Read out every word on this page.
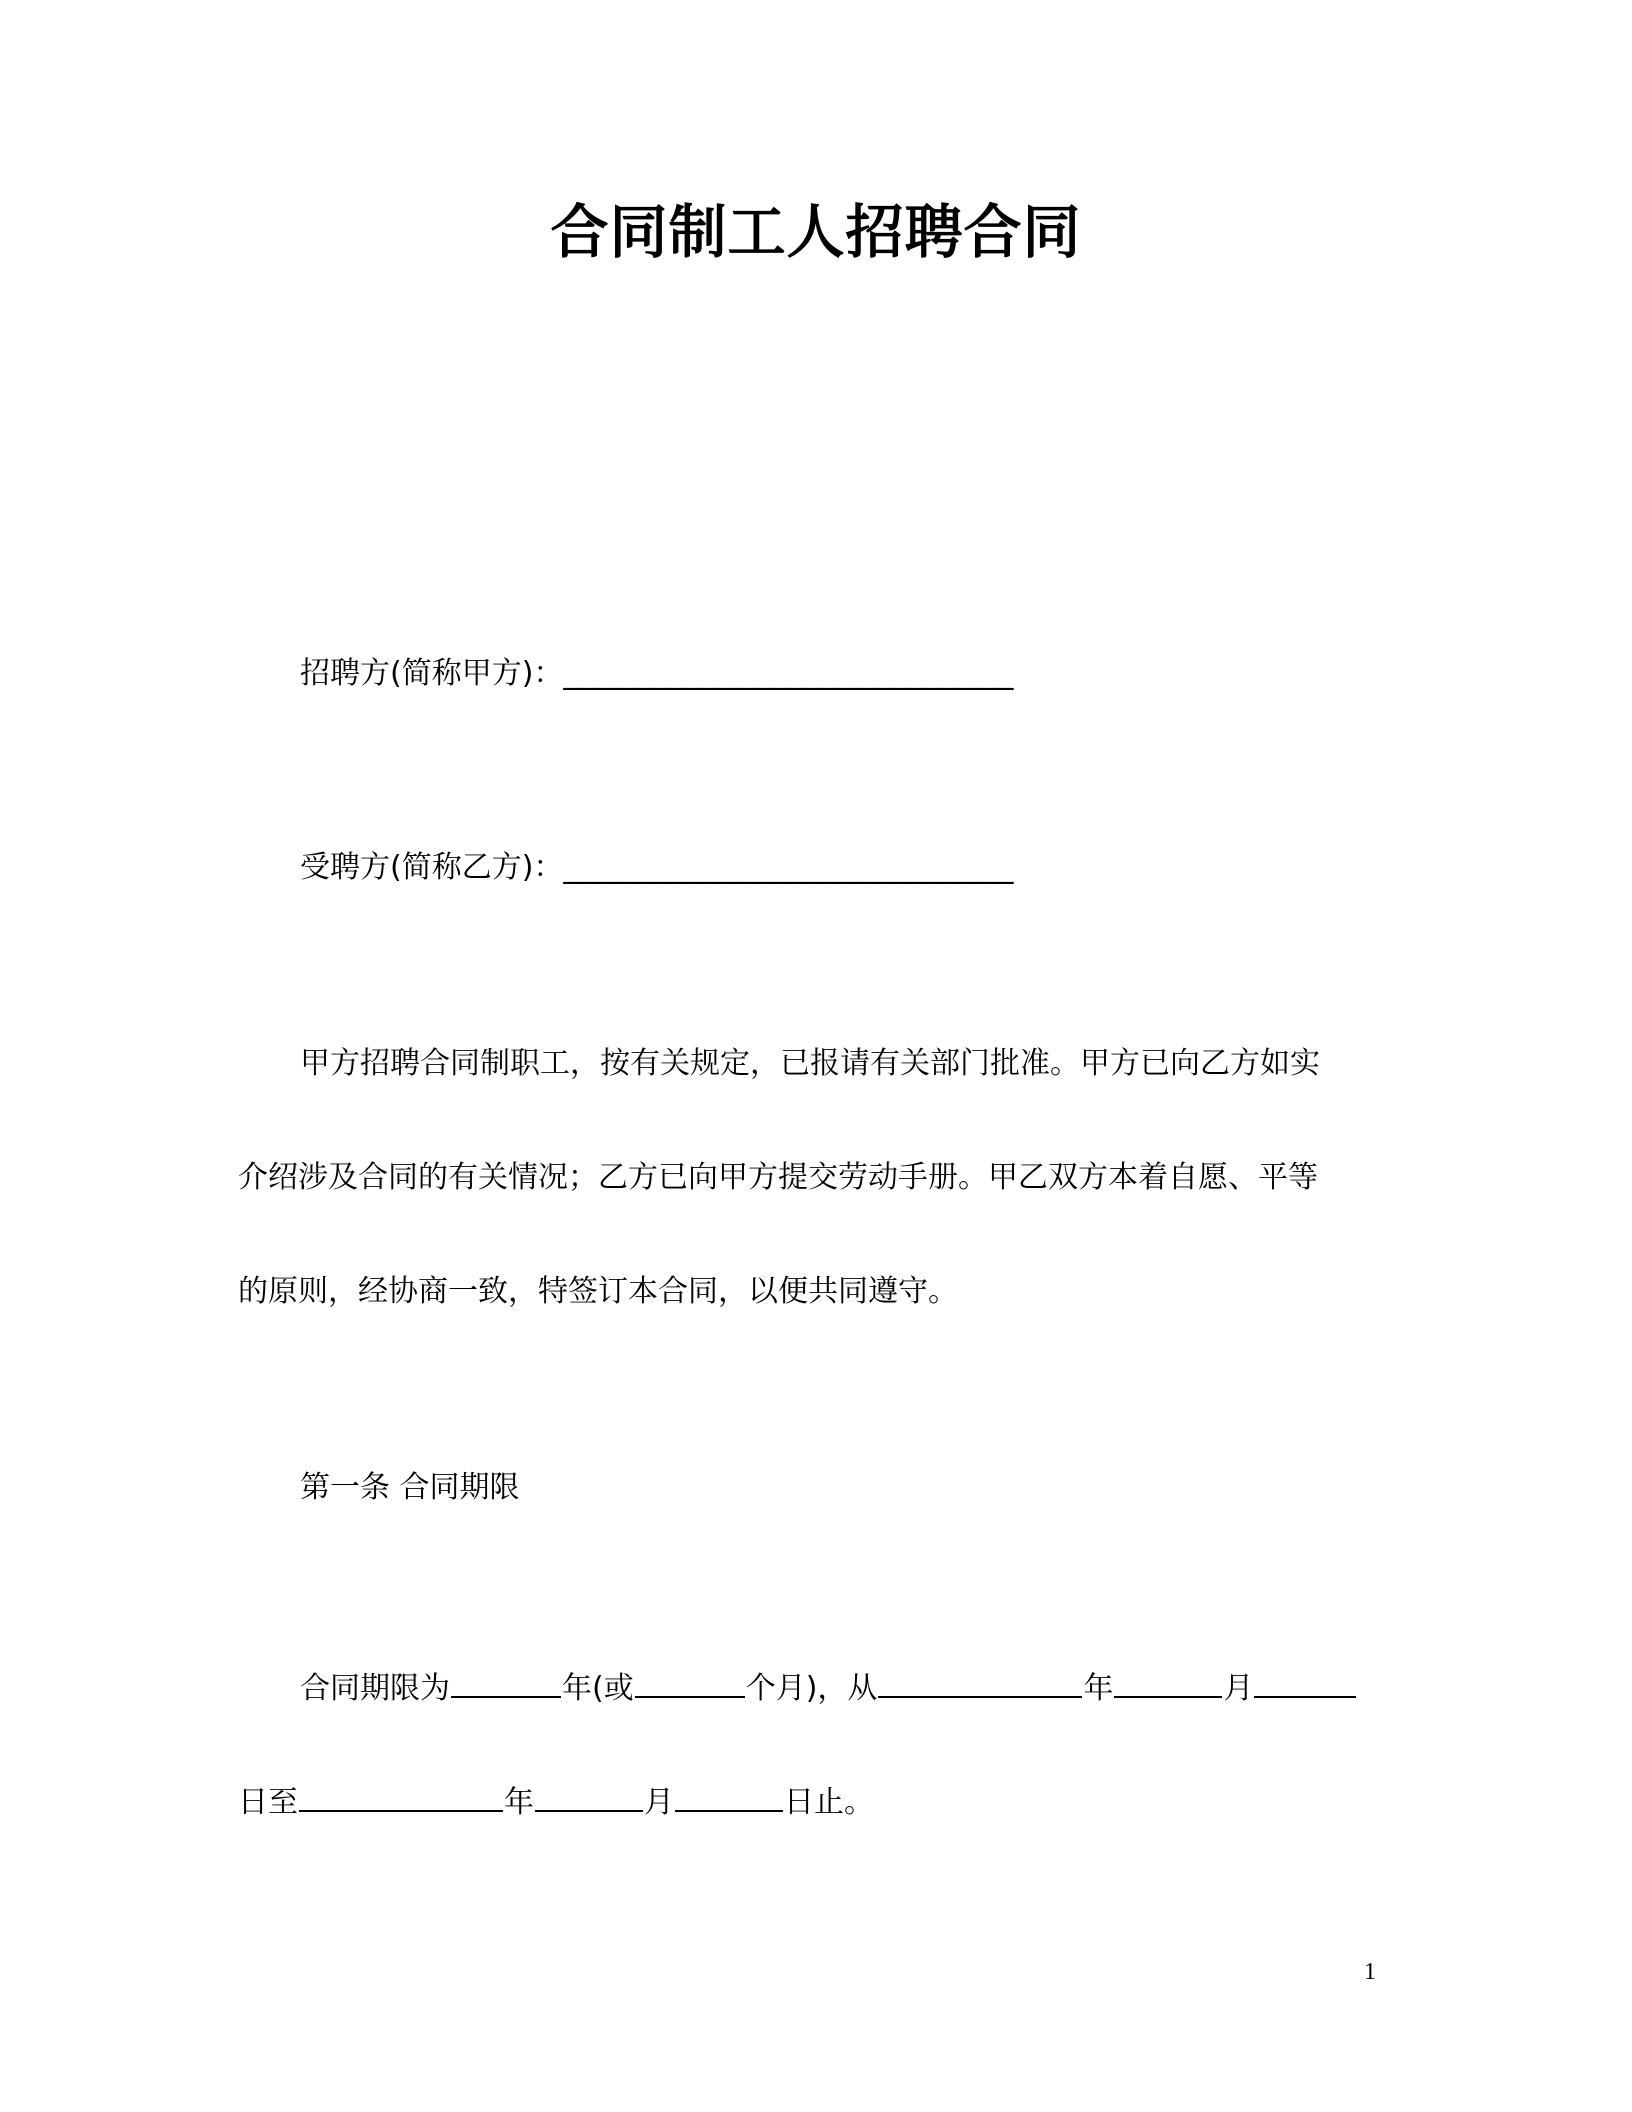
合同制工人招聘合同
招聘方(简称甲方)：______________________________
受聘方(简称乙方)：______________________________
甲方招聘合同制职工，按有关规定，已报请有关部门批准。甲方已向乙方如实
介绍涉及合同的有关情况；乙方已向甲方提交劳动手册。甲乙双方本着自愿、平等
的原则，经协商一致，特签订本合同，以便共同遵守。
第一条 合同期限
合同期限为	年(或	个月)，从	年	月
日至	年	月	日止。
1
